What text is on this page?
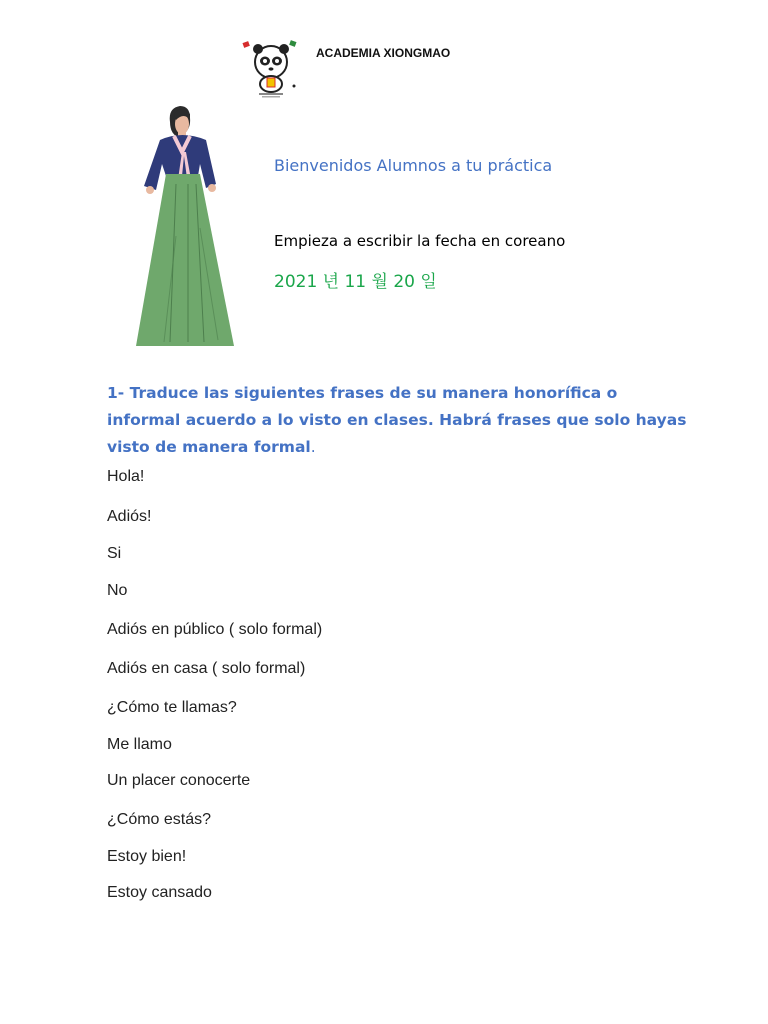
ACADEMIA XIONGMAO
Bienvenidos Alumnos a tu práctica
Empieza a escribir la fecha en coreano
2021 년 11 월 20 일
1- Traduce las siguientes frases de su manera honorífica o informal acuerdo a lo visto en clases. Habrá frases que solo hayas visto de manera formal.
Hola!
Adiós!
Si
No
Adiós en público ( solo formal)
Adiós en casa ( solo formal)
¿Cómo te llamas?
Me llamo
Un placer conocerte
¿Cómo estás?
Estoy bien!
Estoy cansado
